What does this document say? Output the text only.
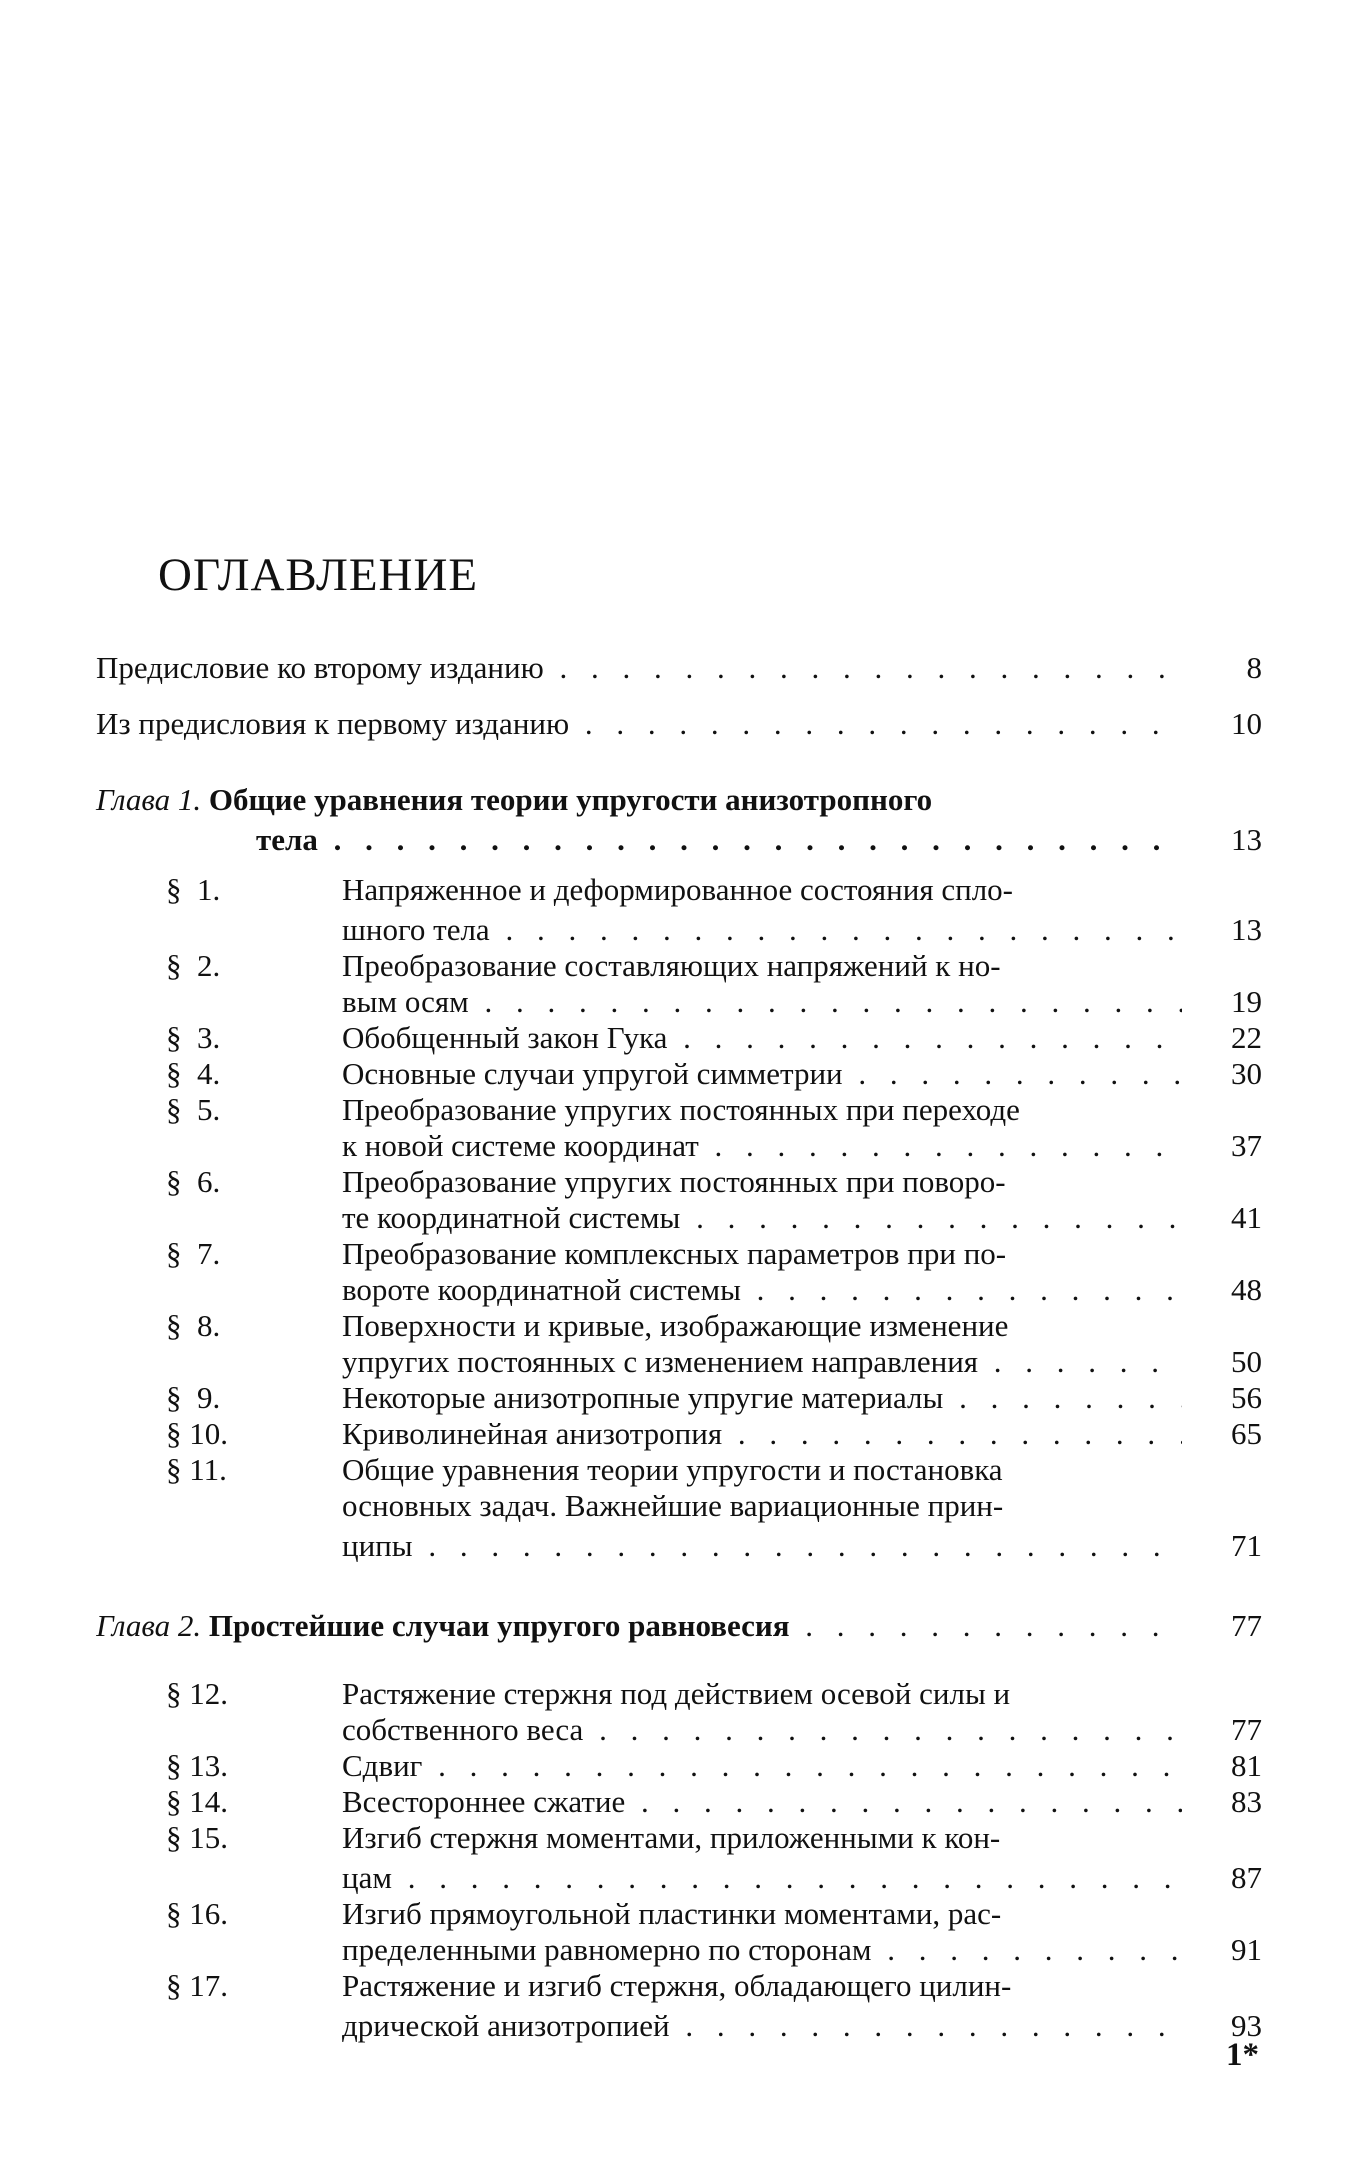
ОГЛАВЛЕНИЕ
Предисловие ко второму изданию . . .	8
Из предисловия к первому изданию . . .	10
Глава 1. Общие уравнения теории упругости анизотропного
тела . . .	13
§  1.	Напряженное и деформированное состояния спло-
шного тела . . .	13
§  2.	Преобразование составляющих напряжений к но-
вым осям . . .	19
§  3.	Обобщенный закон Гука . . .	22
§  4.	Основные случаи упругой симметрии . . .	30
§  5.	Преобразование упругих постоянных при переходе
к новой системе координат . . .	37
§  6.	Преобразование упругих постоянных при поворо-
те координатной системы . . .	41
§  7.	Преобразование комплексных параметров при по-
вороте координатной системы . . .	48
§  8.	Поверхности и кривые, изображающие изменение
упругих постоянных с изменением направления . . .	50
§  9.	Некоторые анизотропные упругие материалы . . .	56
§ 10.	Криволинейная анизотропия . . .	65
§ 11.	Общие уравнения теории упругости и постановка
основных задач. Важнейшие вариационные прин-
ципы . . .	71
Глава 2. Простейшие случаи упругого равновесия . . .	77
§ 12.	Растяжение стержня под действием осевой силы и
собственного веса . . .	77
§ 13.	Сдвиг . . .	81
§ 14.	Всестороннее сжатие . . .	83
§ 15.	Изгиб стержня моментами, приложенными к кон-
цам . . .	87
§ 16.	Изгиб прямоугольной пластинки моментами, рас-
пределенными равномерно по сторонам . . .	91
§ 17.	Растяжение и изгиб стержня, обладающего цилин-
дрической анизотропией . . .	93
1*
